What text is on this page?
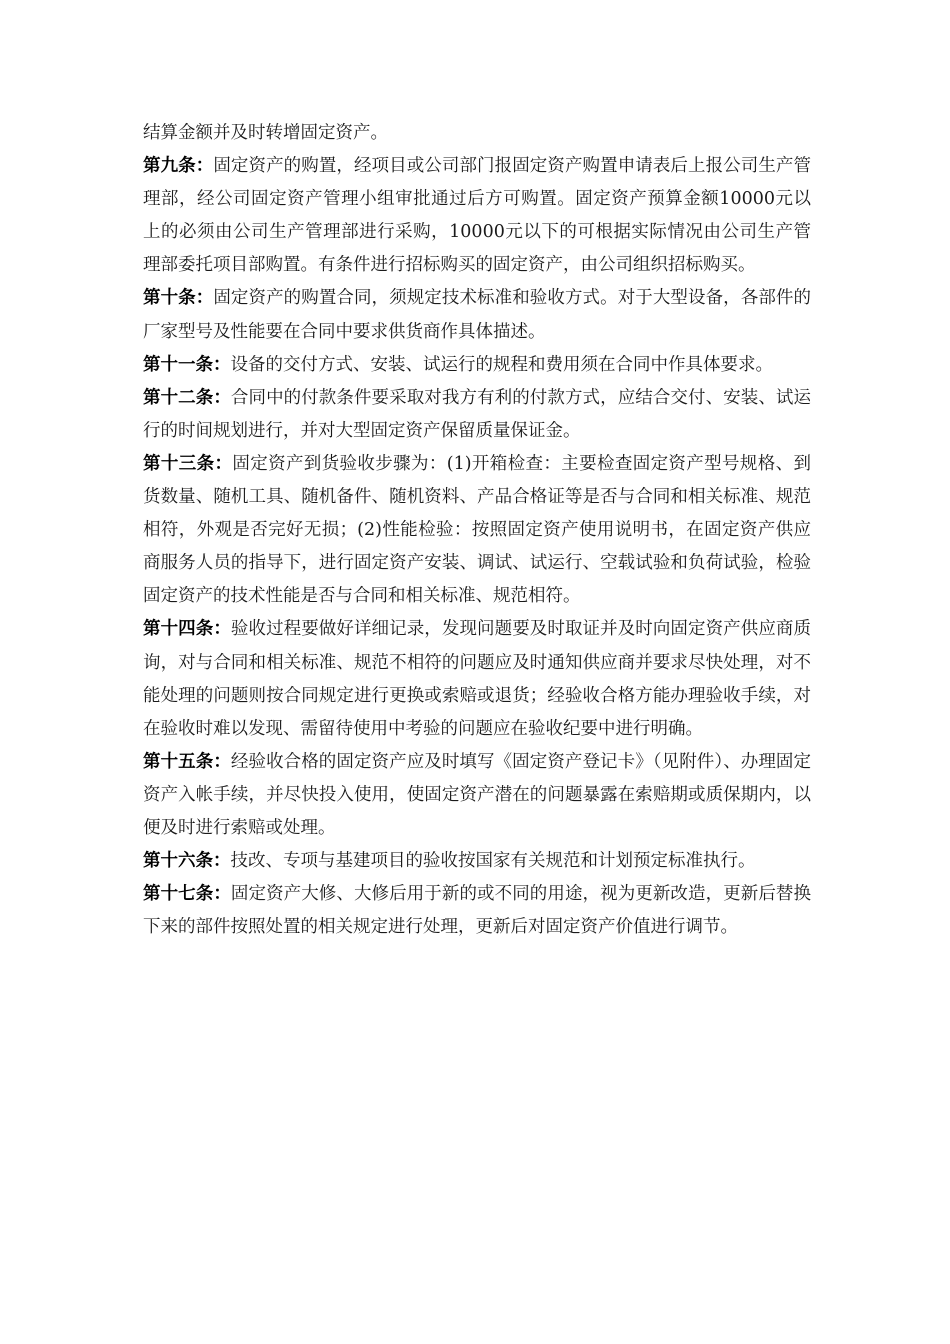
结算金额并及时转增固定资产。

第九条：固定资产的购置，经项目或公司部门报固定资产购置申请表后上报公司生产管理部，经公司固定资产管理小组审批通过后方可购置。固定资产预算金额10000元以上的必须由公司生产管理部进行采购，10000元以下的可根据实际情况由公司生产管理部委托项目部购置。有条件进行招标购买的固定资产，由公司组织招标购买。

第十条：固定资产的购置合同，须规定技术标准和验收方式。对于大型设备，各部件的厂家型号及性能要在合同中要求供货商作具体描述。

第十一条：设备的交付方式、安装、试运行的规程和费用须在合同中作具体要求。

第十二条：合同中的付款条件要采取对我方有利的付款方式，应结合交付、安装、试运行的时间规划进行，并对大型固定资产保留质量保证金。

第十三条：固定资产到货验收步骤为：(1)开箱检查：主要检查固定资产型号规格、到货数量、随机工具、随机备件、随机资料、产品合格证等是否与合同和相关标准、规范相符，外观是否完好无损；(2)性能检验：按照固定资产使用说明书，在固定资产供应商服务人员的指导下，进行固定资产安装、调试、试运行、空载试验和负荷试验，检验固定资产的技术性能是否与合同和相关标准、规范相符。

第十四条：验收过程要做好详细记录，发现问题要及时取证并及时向固定资产供应商质询，对与合同和相关标准、规范不相符的问题应及时通知供应商并要求尽快处理，对不能处理的问题则按合同规定进行更换或索赔或退货；经验收合格方能办理验收手续，对在验收时难以发现、需留待使用中考验的问题应在验收纪要中进行明确。

第十五条：经验收合格的固定资产应及时填写《固定资产登记卡》（见附件）、办理固定资产入帐手续，并尽快投入使用，使固定资产潜在的问题暴露在索赔期或质保期内，以便及时进行索赔或处理。

第十六条：技改、专项与基建项目的验收按国家有关规范和计划预定标准执行。

第十七条：固定资产大修、大修后用于新的或不同的用途，视为更新改造，更新后替换下来的部件按照处置的相关规定进行处理，更新后对固定资产价值进行调节。
